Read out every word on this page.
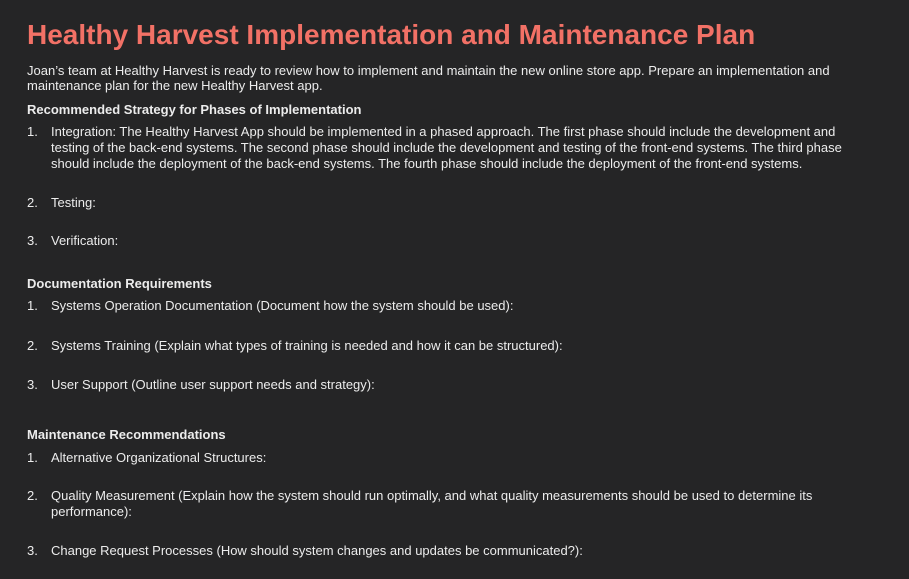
Healthy Harvest Implementation and Maintenance Plan
Joan’s team at Healthy Harvest is ready to review how to implement and maintain the new online store app. Prepare an implementation and maintenance plan for the new Healthy Harvest app.
Recommended Strategy for Phases of Implementation
1.	Integration: The Healthy Harvest App should be implemented in a phased approach. The first phase should include the development and testing of the back-end systems. The second phase should include the development and testing of the front-end systems. The third phase should include the deployment of the back-end systems. The fourth phase should include the deployment of the front-end systems.
2.	Testing:
3.	Verification:
Documentation Requirements
1.	Systems Operation Documentation (Document how the system should be used):
2.	Systems Training (Explain what types of training is needed and how it can be structured):
3.	User Support (Outline user support needs and strategy):
Maintenance Recommendations
1.	Alternative Organizational Structures:
2.	Quality Measurement (Explain how the system should run optimally, and what quality measurements should be used to determine its performance):
3.	Change Request Processes (How should system changes and updates be communicated?):
